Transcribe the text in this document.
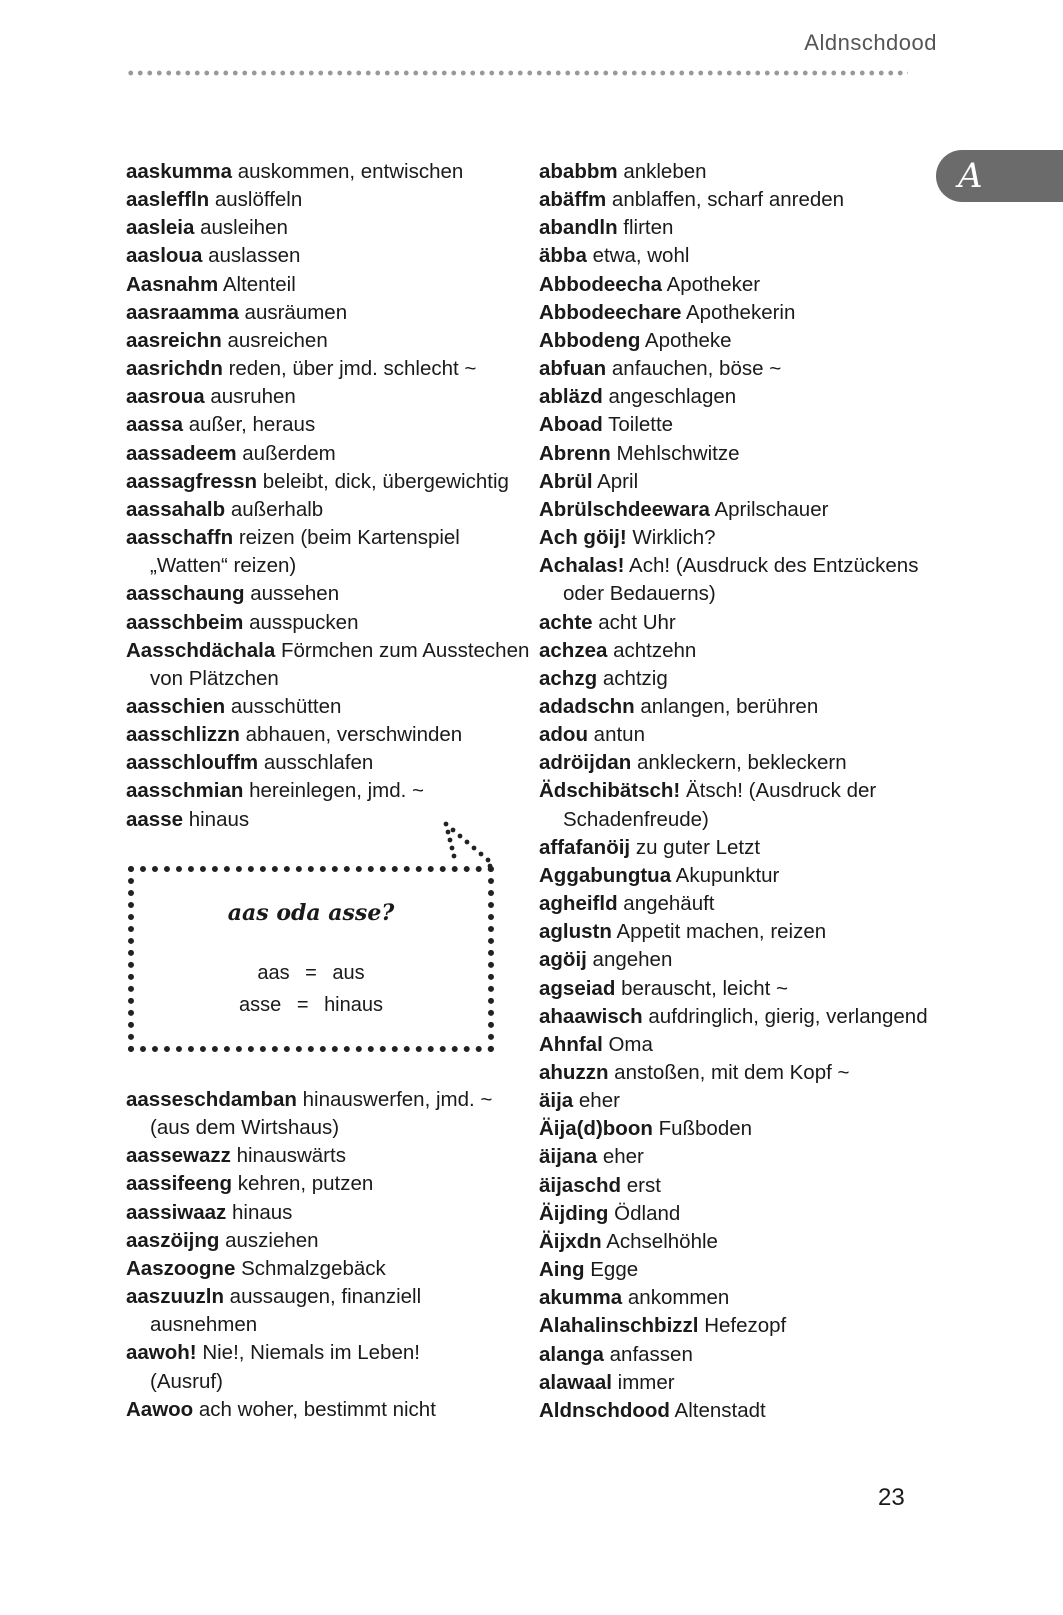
Aldnschdood
A
aaskumma auskommen, entwischen
aasleffln auslöffeln
aasleia ausleihen
aasloua auslassen
Aasnahm Altenteil
aasraamma ausräumen
aasreichn ausreichen
aasrichdn reden, über jmd. schlecht ~
aasroua ausruhen
aassa außer, heraus
aassadeem außerdem
aassagfressn beleibt, dick, übergewichtig
aassahalb außerhalb
aasschaffn reizen (beim Kartenspiel
„Watten“ reizen)
aasschaung aussehen
aasschbeim ausspucken
Aasschdächala Förmchen zum Ausstechen
von Plätzchen
aasschien ausschütten
aasschlizzn abhauen, verschwinden
aasschlouffm ausschlafen
aasschmian hereinlegen, jmd. ~
aasse hinaus
aas oda asse?
aas = aus
asse = hinaus
aasseschdamban hinauswerfen, jmd. ~
(aus dem Wirtshaus)
aassewazz hinauswärts
aassifeeng kehren, putzen
aassiwaaz hinaus
aaszöijng ausziehen
Aaszoogne Schmalzgebäck
aaszuuzln aussaugen, finanziell
ausnehmen
aawoh! Nie!, Niemals im Leben!
(Ausruf)
Aawoo ach woher, bestimmt nicht
ababbm ankleben
abäffm anblaffen, scharf anreden
abandln flirten
äbba etwa, wohl
Abbodeecha Apotheker
Abbodeechare Apothekerin
Abbodeng Apotheke
abfuan anfauchen, böse ~
abläzd angeschlagen
Aboad Toilette
Abrenn Mehlschwitze
Abrül April
Abrülschdeewara Aprilschauer
Ach göij! Wirklich?
Achalas! Ach! (Ausdruck des Entzückens
oder Bedauerns)
achte acht Uhr
achzea achtzehn
achzg achtzig
adadschn anlangen, berühren
adou antun
adröijdan ankleckern, bekleckern
Ädschibätsch! Ätsch! (Ausdruck der
Schadenfreude)
affafanöij zu guter Letzt
Aggabungtua Akupunktur
agheifld angehäuft
aglustn Appetit machen, reizen
agöij angehen
agseiad berauscht, leicht ~
ahaawisch aufdringlich, gierig, verlangend
Ahnfal Oma
ahuzzn anstoßen, mit dem Kopf ~
äija eher
Äija(d)boon Fußboden
äijana eher
äijaschd erst
Äijding Ödland
Äijxdn Achselhöhle
Aing Egge
akumma ankommen
Alahalinschbizzl Hefezopf
alanga anfassen
alawaal immer
Aldnschdood Altenstadt
23
